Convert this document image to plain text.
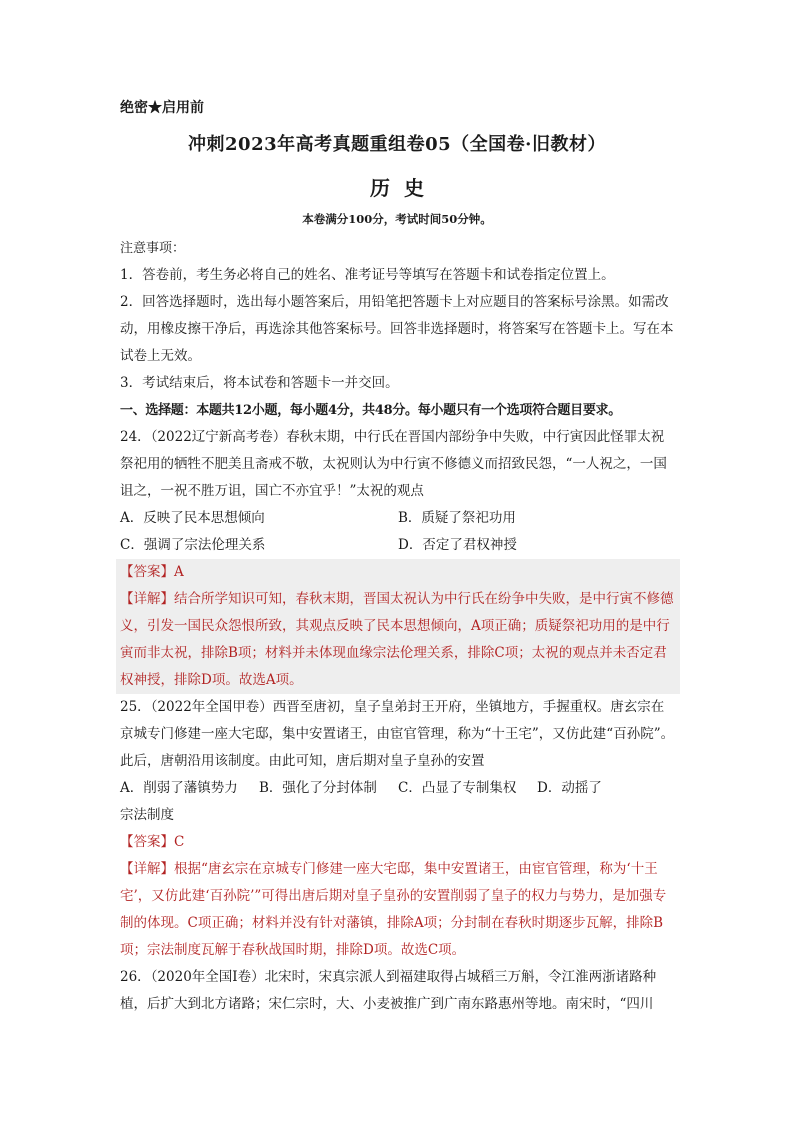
绝密★启用前
冲刺2023年高考真题重组卷05（全国卷·旧教材）
历史
本卷满分100分，考试时间50分钟。

注意事项：

1．答卷前，考生务必将自己的姓名、准考证号等填写在答题卡和试卷指定位置上。

2．回答选择题时，选出每小题答案后，用铅笔把答题卡上对应题目的答案标号涂黑。如需改动，用橡皮擦干净后，再选涂其他答案标号。回答非选择题时，将答案写在答题卡上。写在本试卷上无效。

3．考试结束后，将本试卷和答题卡一并交回。

一、选择题：本题共12小题，每小题4分，共48分。每小题只有一个选项符合题目要求。

24．（2022辽宁新高考卷）春秋末期，中行氏在晋国内部纷争中失败，中行寅因此怪罪太祝祭祀用的牺牲不肥美且斋戒不敬，太祝则认为中行寅不修德义而招致民怨，“一人祝之，一国诅之，一祝不胜万诅，国亡不亦宜乎！”太祝的观点

A．反映了民本思想倾向	B．质疑了祭祀功用
C．强调了宗法伦理关系	D．否定了君权神授

【答案】A

【详解】结合所学知识可知，春秋末期，晋国太祝认为中行氏在纷争中失败，是中行寅不修德义，引发一国民众怨恨所致，其观点反映了民本思想倾向，A项正确；质疑祭祀功用的是中行寅而非太祝，排除B项；材料并未体现血缘宗法伦理关系，排除C项；太祝的观点并未否定君权神授，排除D项。故选A项。

25．（2022年全国甲卷）西晋至唐初，皇子皇弟封王开府，坐镇地方，手握重权。唐玄宗在京城专门修建一座大宅邸，集中安置诸王，由宦官管理，称为“十王宅”，又仿此建“百孙院”。此后，唐朝沿用该制度。由此可知，唐后期对皇子皇孙的安置

A．削弱了藩镇势力	B．强化了分封体制	C．凸显了专制集权	D．动摇了

宗法制度

【答案】C

【详解】根据“唐玄宗在京城专门修建一座大宅邸，集中安置诸王，由宦官管理，称为‘十王宅’，又仿此建‘百孙院’”可得出唐后期对皇子皇孙的安置削弱了皇子的权力与势力，是加强专制的体现。C项正确；材料并没有针对藩镇，排除A项；分封制在春秋时期逐步瓦解，排除B项；宗法制度瓦解于春秋战国时期，排除D项。故选C项。

26．（2020年全国Ⅰ卷）北宋时，宋真宗派人到福建取得占城稻三万斛，令江淮两浙诸路种植，后扩大到北方诸路；宋仁宗时，大、小麦被推广到广南东路惠州等地。南宋时，“四川
